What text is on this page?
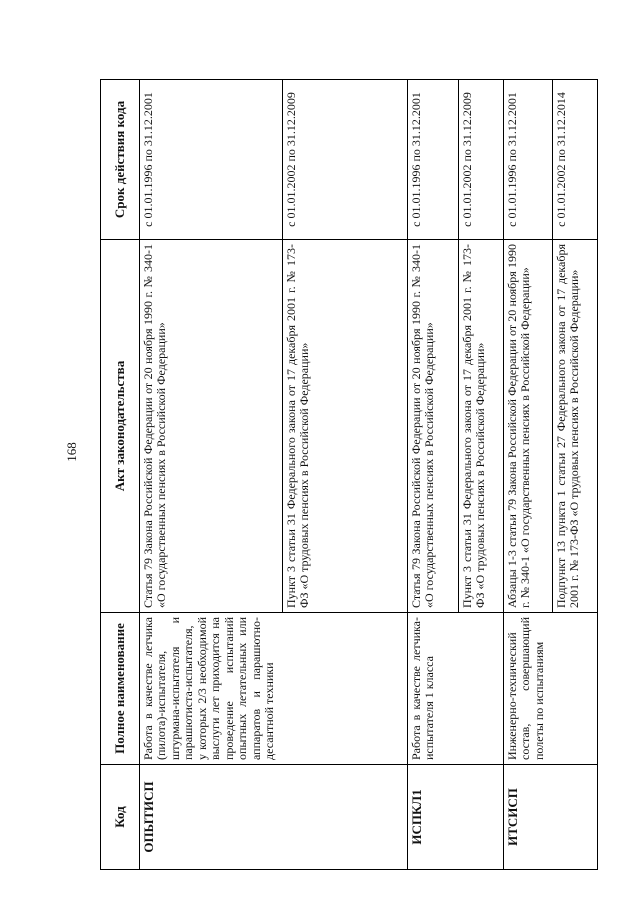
168
Код	Полное наименование	Акт законодательства	Срок действия кода
ОПЫТИСП	Работа в качестве летчика (пилота)-испытателя, штурмана-испытателя и парашютиста-испытателя, у которых 2/3 необходимой выслуги лет приходится на проведение испытаний опытных летательных или аппаратов и парашютно-десантной техники	Статья 79 Закона Российской Федерации от 20 ноября 1990 г. № 340-1 «О государственных пенсиях в Российской Федерации»	с 01.01.1996 по 31.12.2001
		Пункт 3 статьи 31 Федерального закона от 17 декабря 2001 г. № 173-ФЗ «О трудовых пенсиях в Российской Федерации»	с 01.01.2002 по 31.12.2009
ИСПКЛ1	Работа в качестве летчика-испытателя 1 класса	Статья 79 Закона Российской Федерации от 20 ноября 1990 г. № 340-1 «О государственных пенсиях в Российской Федерации»	с 01.01.1996 по 31.12.2001
		Пункт 3 статьи 31 Федерального закона от 17 декабря 2001 г. № 173-ФЗ «О трудовых пенсиях в Российской Федерации»	с 01.01.2002 по 31.12.2009
ИТСИСП	Инженерно-технический состав, совершающий полеты по испытаниям	Абзацы 1-3 статьи 79 Закона Российской Федерации от 20 ноября 1990 г. № 340-1 «О государственных пенсиях в Российской Федерации»	с 01.01.1996 по 31.12.2001
		Подпункт 13 пункта 1 статьи 27 Федерального закона от 17 декабря 2001 г. № 173-ФЗ «О трудовых пенсиях в Российской Федерации»	с 01.01.2002 по 31.12.2014
